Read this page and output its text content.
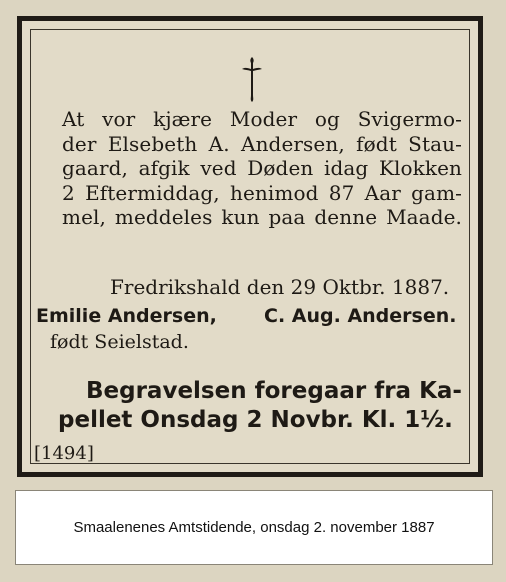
At vor kjære Moder og Svigermo-
der Elsebeth A. Andersen, født Stau-
gaard, afgik ved Døden idag Klokken
2 Eftermiddag, henimod 87 Aar gam-
mel, meddeles kun paa denne Maade.
Fredrikshald den 29 Oktbr. 1887.
Emilie Andersen, C. Aug. Andersen.
født Seielstad.
Begravelsen foregaar fra Ka-
pellet Onsdag 2 Novbr. Kl. 1½.
[1494]
Smaalenenes Amtstidende, onsdag 2. november 1887
